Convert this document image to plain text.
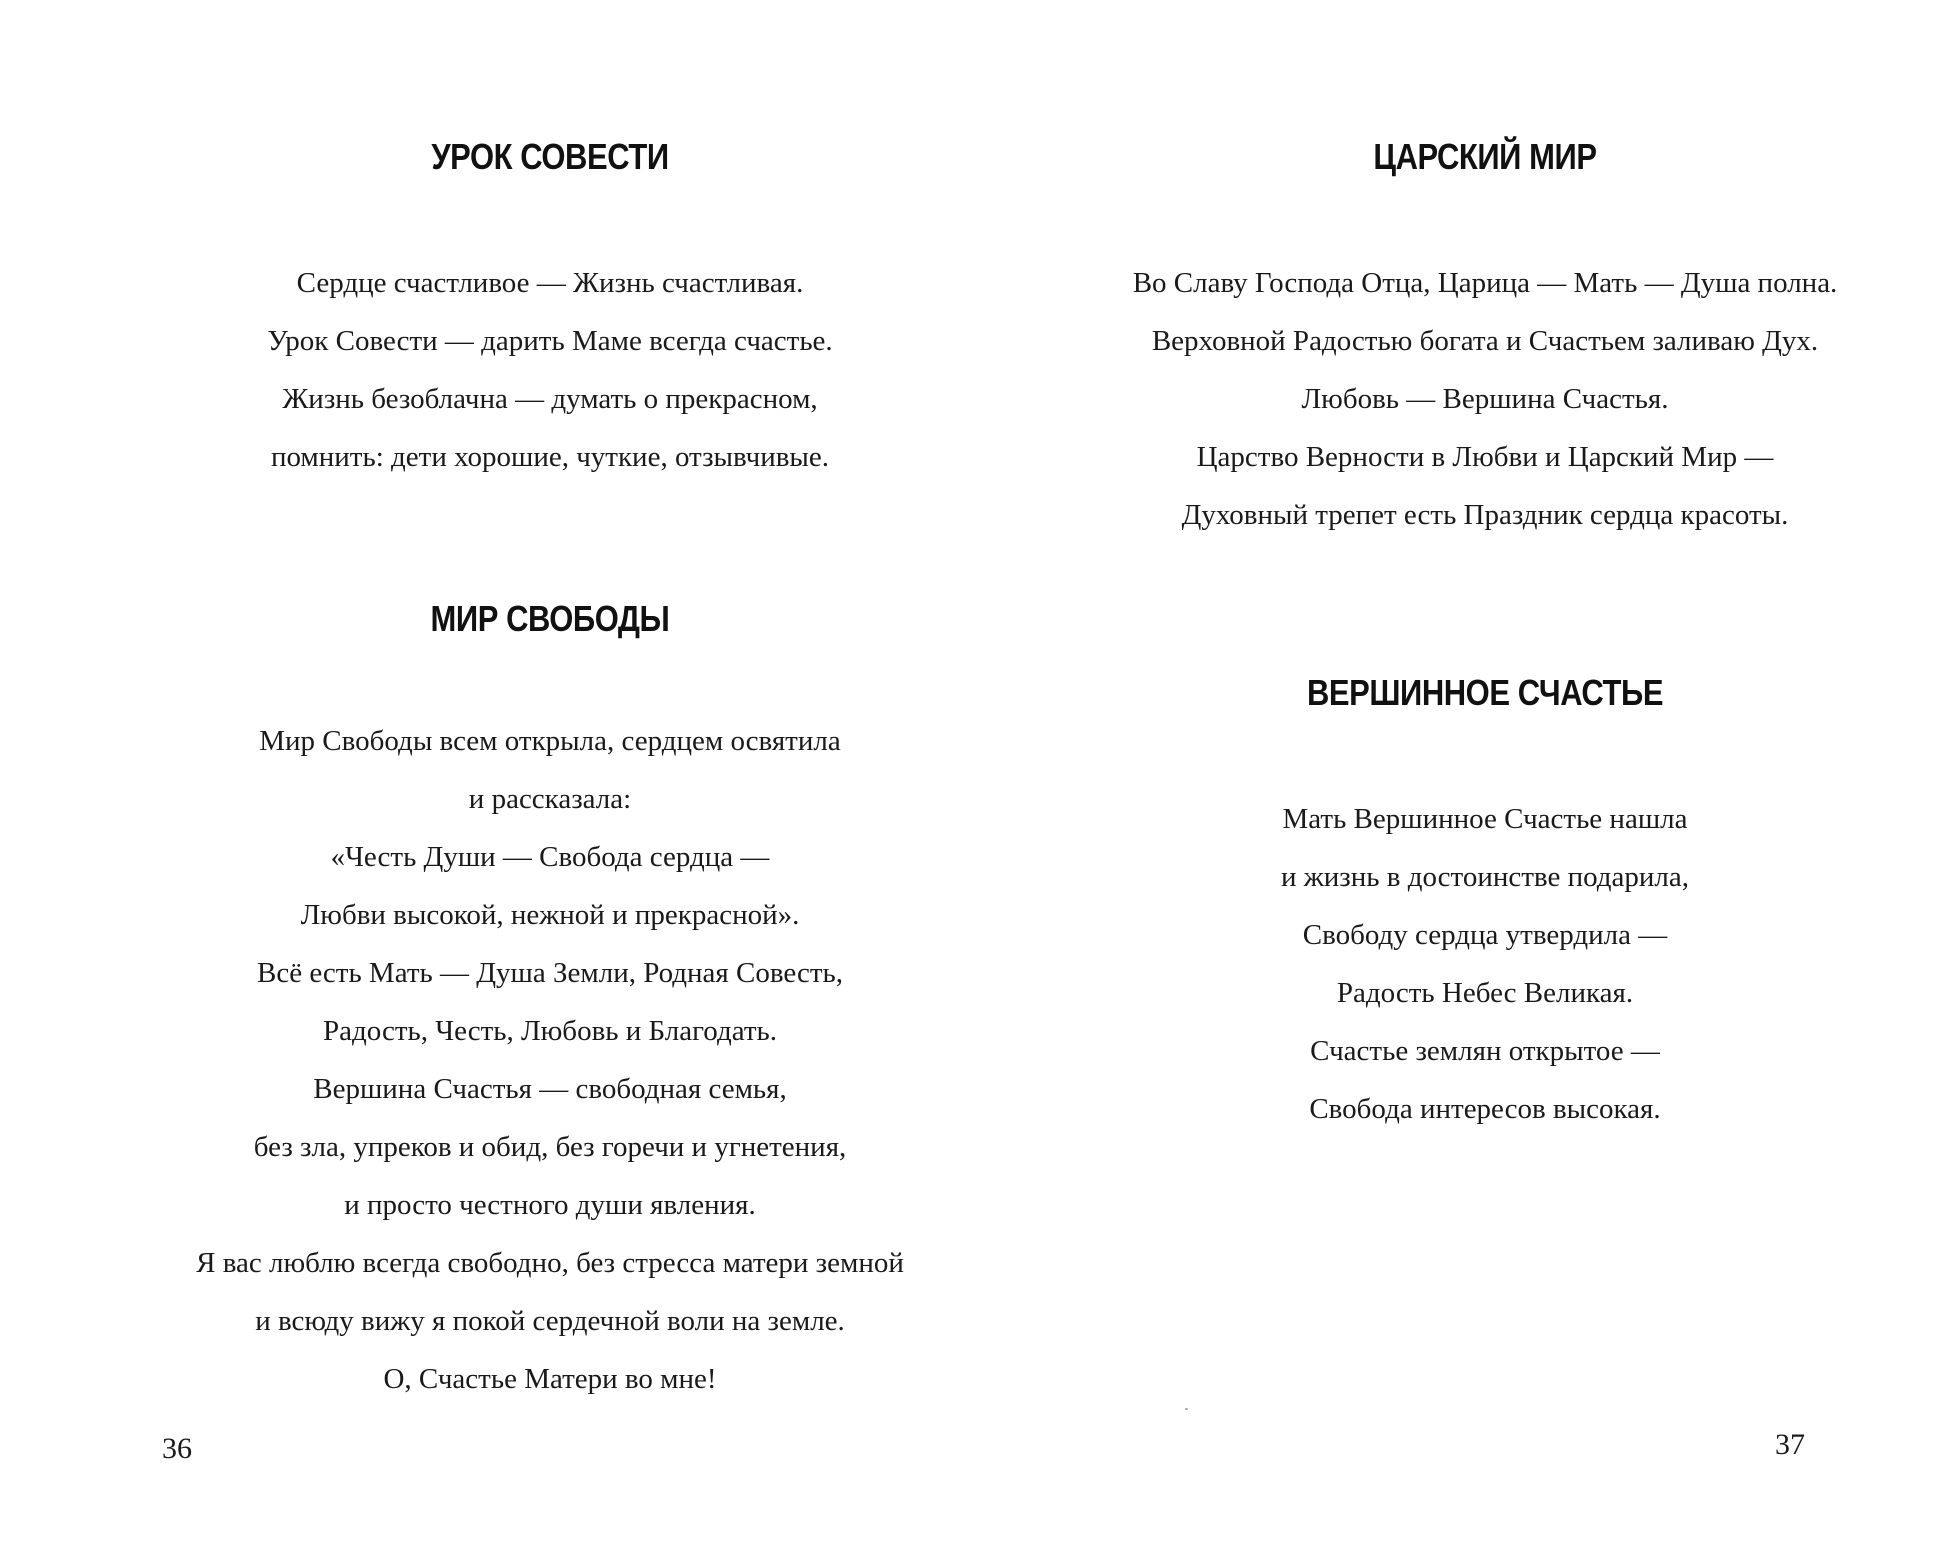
УРОК СОВЕСТИ
Сердце счастливое — Жизнь счастливая.
Урок Совести — дарить Маме всегда счастье.
Жизнь безоблачна — думать о прекрасном,
помнить: дети хорошие, чуткие, отзывчивые.
МИР СВОБОДЫ
Мир Свободы всем открыла, сердцем освятила
и рассказала:
«Честь Души — Свобода сердца —
Любви высокой, нежной и прекрасной».
Всё есть Мать — Душа Земли, Родная Совесть,
Радость, Честь, Любовь и Благодать.
Вершина Счастья — свободная семья,
без зла, упреков и обид, без горечи и угнетения,
и просто честного души явления.
Я вас люблю всегда свободно, без стресса матери земной
и всюду вижу я покой сердечной воли на земле.
О, Счастье Матери во мне!
36
ЦАРСКИЙ МИР
Во Славу Господа Отца, Царица — Мать — Душа полна.
Верховной Радостью богата и Счастьем заливаю Дух.
Любовь — Вершина Счастья.
Царство Верности в Любви и Царский Мир —
Духовный трепет есть Праздник сердца красоты.
ВЕРШИННОЕ СЧАСТЬЕ
Мать Вершинное Счастье нашла
и жизнь в достоинстве подарила,
Свободу сердца утвердила —
Радость Небес Великая.
Счастье землян открытое —
Свобода интересов высокая.
37
